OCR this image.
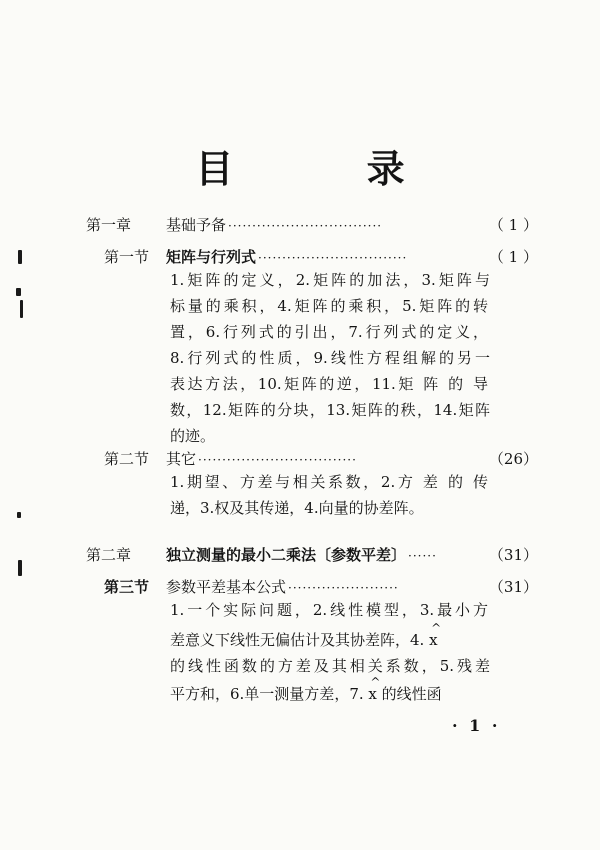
目 录
第一章	基础予备 ································	（ 1 ）
第一节	矩阵与行列式 ·······························	（ 1 ）
1.矩阵的定义，2.矩阵的加法，3.矩阵与
标量的乘积，4.矩阵的乘积，5.矩阵的转
置，6.行列式的引出，7.行列式的定义，
8.行列式的性质，9.线性方程组解的另一
表达方法，10.矩阵的逆，11.矩 阵 的 导
数，12.矩阵的分块，13.矩阵的秩，14.矩阵
的迹。
第二节	其它 ·································	（26）
1.期望、方差与相关系数，2.方 差 的 传
递，3.权及其传递，4.向量的协差阵。
第二章	独立测量的最小二乘法〔参数平差〕 ······	（31）
第三节	参数平差基本公式 ·······················	（31）
1.一个实际问题，2.线性模型，3.最小方
差意义下线性无偏估计及其协差阵，4. ^ x
的线性函数的方差及其相关系数，5.残差
平方和，6.单一测量方差，7. ^ x 的线性函
· 1 ·
